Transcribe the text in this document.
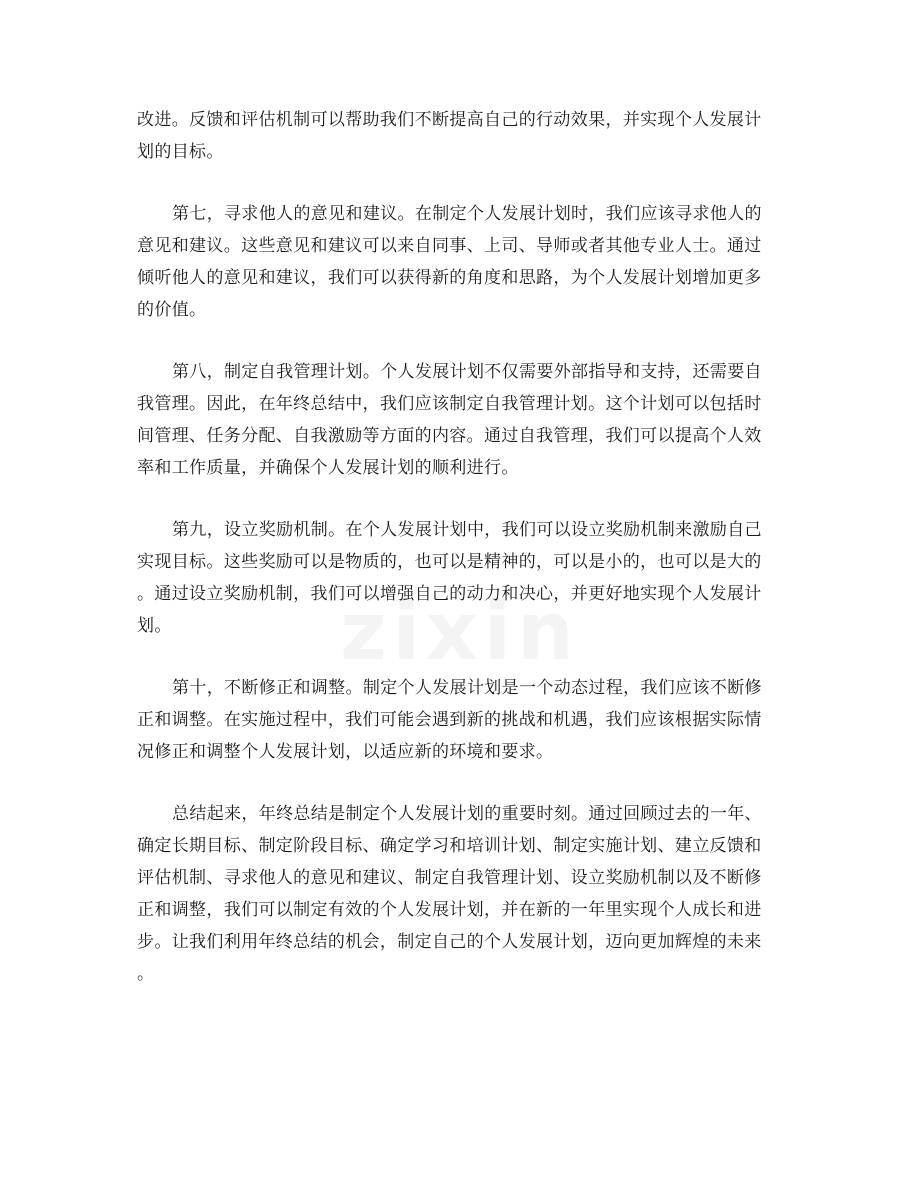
改进。反馈和评估机制可以帮助我们不断提高自己的行动效果，并实现个人发展计
划的目标。

第七，寻求他人的意见和建议。在制定个人发展计划时，我们应该寻求他人的
意见和建议。这些意见和建议可以来自同事、上司、导师或者其他专业人士。通过
倾听他人的意见和建议，我们可以获得新的角度和思路，为个人发展计划增加更多
的价值。

第八，制定自我管理计划。个人发展计划不仅需要外部指导和支持，还需要自
我管理。因此，在年终总结中，我们应该制定自我管理计划。这个计划可以包括时
间管理、任务分配、自我激励等方面的内容。通过自我管理，我们可以提高个人效
率和工作质量，并确保个人发展计划的顺利进行。

第九，设立奖励机制。在个人发展计划中，我们可以设立奖励机制来激励自己
实现目标。这些奖励可以是物质的，也可以是精神的，可以是小的，也可以是大的
。通过设立奖励机制，我们可以增强自己的动力和决心，并更好地实现个人发展计
划。

第十，不断修正和调整。制定个人发展计划是一个动态过程，我们应该不断修
正和调整。在实施过程中，我们可能会遇到新的挑战和机遇，我们应该根据实际情
况修正和调整个人发展计划，以适应新的环境和要求。

总结起来，年终总结是制定个人发展计划的重要时刻。通过回顾过去的一年、
确定长期目标、制定阶段目标、确定学习和培训计划、制定实施计划、建立反馈和
评估机制、寻求他人的意见和建议、制定自我管理计划、设立奖励机制以及不断修
正和调整，我们可以制定有效的个人发展计划，并在新的一年里实现个人成长和进
步。让我们利用年终总结的机会，制定自己的个人发展计划，迈向更加辉煌的未来
。
